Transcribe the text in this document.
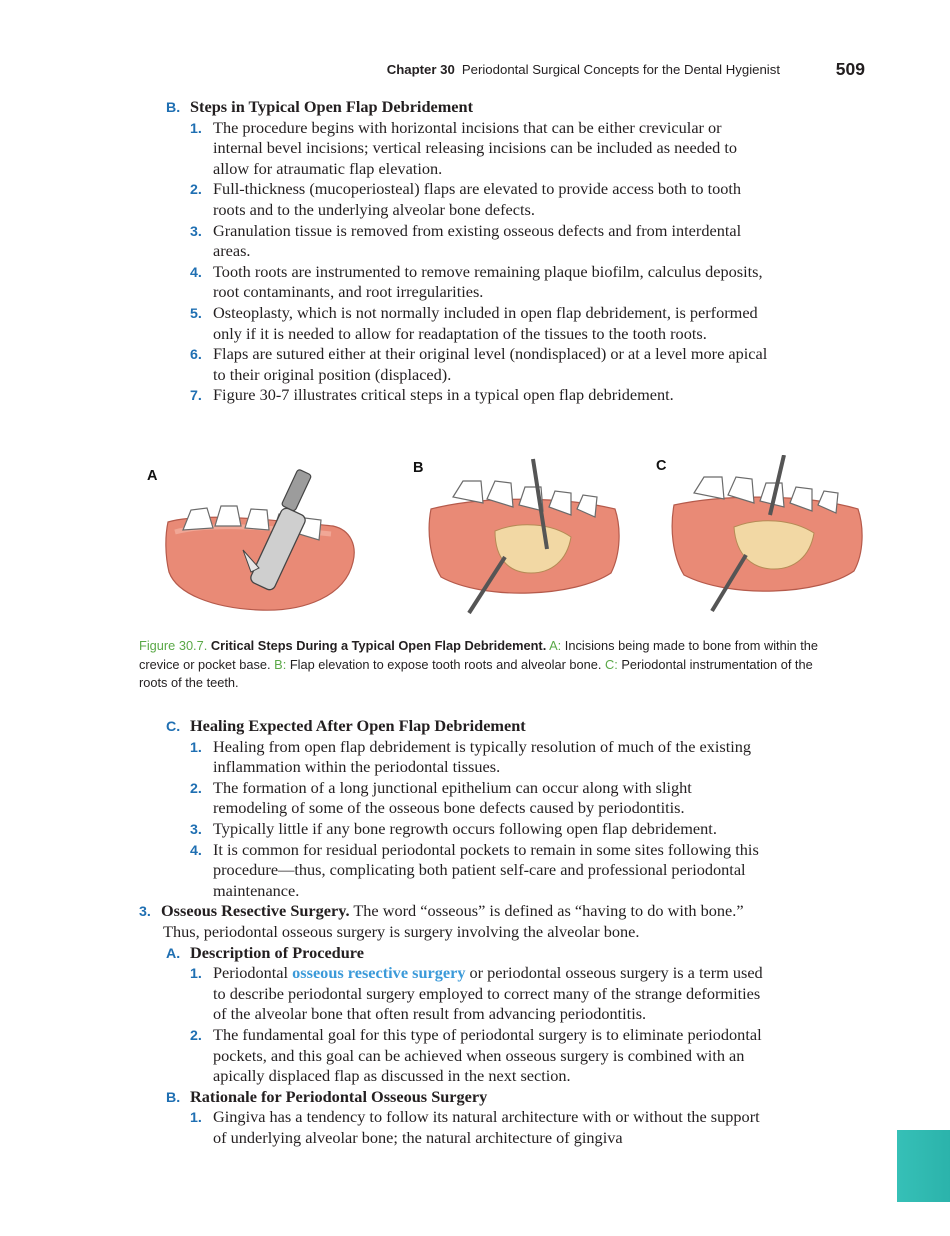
Chapter 30 Periodontal Surgical Concepts for the Dental Hygienist	509
B. Steps in Typical Open Flap Debridement
1. The procedure begins with horizontal incisions that can be either crevicular or internal bevel incisions; vertical releasing incisions can be included as needed to allow for atraumatic flap elevation.
2. Full-thickness (mucoperiosteal) flaps are elevated to provide access both to tooth roots and to the underlying alveolar bone defects.
3. Granulation tissue is removed from existing osseous defects and from interdental areas.
4. Tooth roots are instrumented to remove remaining plaque biofilm, calculus deposits, root contaminants, and root irregularities.
5. Osteoplasty, which is not normally included in open flap debridement, is performed only if it is needed to allow for readaptation of the tissues to the tooth roots.
6. Flaps are sutured either at their original level (nondisplaced) or at a level more apical to their original position (displaced).
7. Figure 30-7 illustrates critical steps in a typical open flap debridement.
A	B	C
Figure 30.7. Critical Steps During a Typical Open Flap Debridement. A: Incisions being made to bone from within the crevice or pocket base. B: Flap elevation to expose tooth roots and alveolar bone. C: Periodontal instrumentation of the roots of the teeth.
C. Healing Expected After Open Flap Debridement
1. Healing from open flap debridement is typically resolution of much of the existing inflammation within the periodontal tissues.
2. The formation of a long junctional epithelium can occur along with slight remodeling of some of the osseous bone defects caused by periodontitis.
3. Typically little if any bone regrowth occurs following open flap debridement.
4. It is common for residual periodontal pockets to remain in some sites following this procedure—thus, complicating both patient self-care and professional periodontal maintenance.
3. Osseous Resective Surgery. The word “osseous” is defined as “having to do with bone.” Thus, periodontal osseous surgery is surgery involving the alveolar bone.
A. Description of Procedure
1. Periodontal osseous resective surgery or periodontal osseous surgery is a term used to describe periodontal surgery employed to correct many of the strange deformities of the alveolar bone that often result from advancing periodontitis.
2. The fundamental goal for this type of periodontal surgery is to eliminate periodontal pockets, and this goal can be achieved when osseous surgery is combined with an apically displaced flap as discussed in the next section.
B. Rationale for Periodontal Osseous Surgery
1. Gingiva has a tendency to follow its natural architecture with or without the support of underlying alveolar bone; the natural architecture of gingiva
